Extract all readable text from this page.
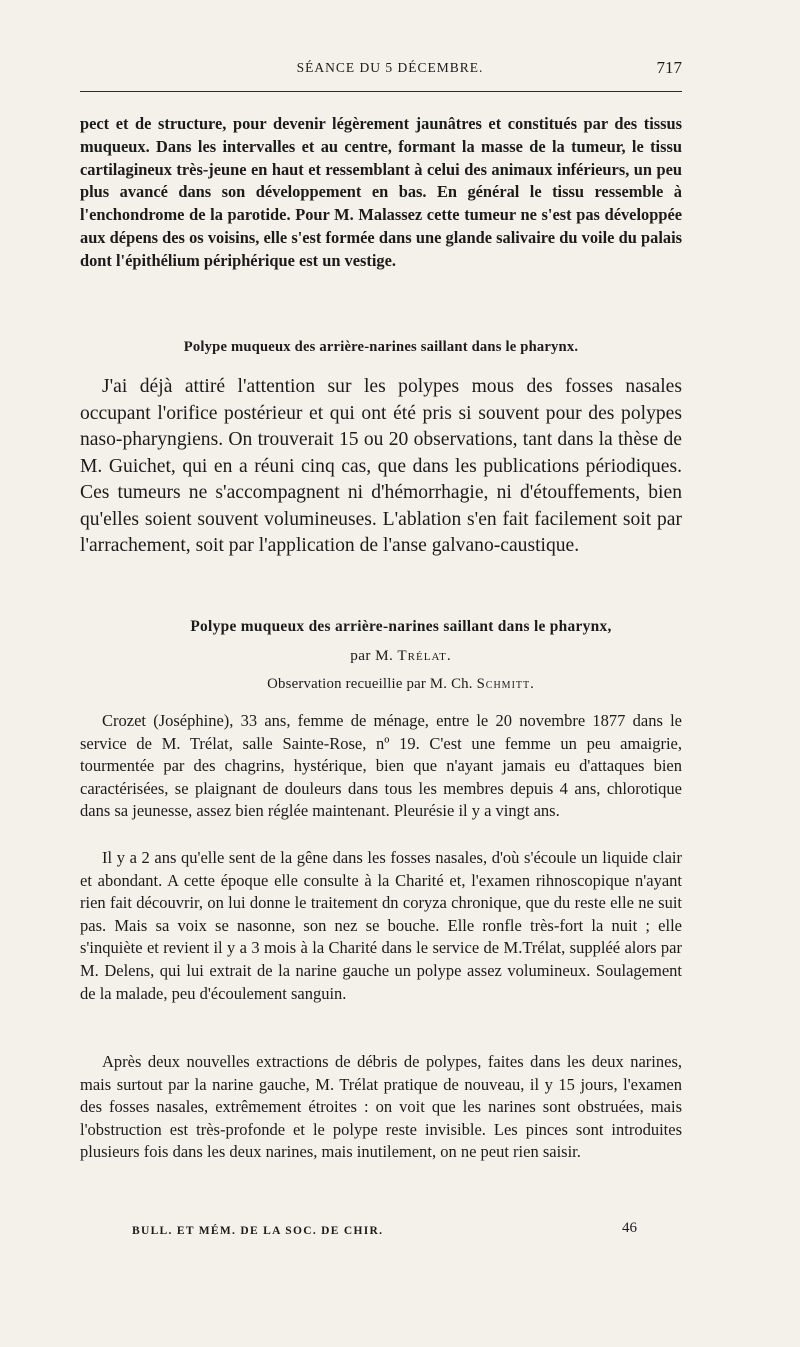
SÉANCE DU 5 DÉCEMBRE.	717

pect et de structure, pour devenir légèrement jaunâtres et constitués par des tissus muqueux. Dans les intervalles et au centre, formant la masse de la tumeur, le tissu cartilagineux très-jeune en haut et ressemblant à celui des animaux inférieurs, un peu plus avancé dans son développement en bas. En général le tissu ressemble à l'enchondrome de la parotide. Pour M. Malassez cette tumeur ne s'est pas développée aux dépens des os voisins, elle s'est formée dans une glande salivaire du voile du palais dont l'épithélium périphérique est un vestige.

Polype muqueux des arrière-narines saillant dans le pharynx.

J'ai déjà attiré l'attention sur les polypes mous des fosses nasales occupant l'orifice postérieur et qui ont été pris si souvent pour des polypes naso-pharyngiens. On trouverait 15 ou 20 observations, tant dans la thèse de M. Guichet, qui en a réuni cinq cas, que dans les publications périodiques. Ces tumeurs ne s'accompagnent ni d'hémorrhagie, ni d'étouffements, bien qu'elles soient souvent volumineuses. L'ablation s'en fait facilement soit par l'arrachement, soit par l'application de l'anse galvano-caustique.

Polype muqueux des arrière-narines saillant dans le pharynx,
par M. Trélat.
Observation recueillie par M. Ch. Schmitt.

Crozet (Joséphine), 33 ans, femme de ménage, entre le 20 novembre 1877 dans le service de M. Trélat, salle Sainte-Rose, nº 19. C'est une femme un peu amaigrie, tourmentée par des chagrins, hystérique, bien que n'ayant jamais eu d'attaques bien caractérisées, se plaignant de douleurs dans tous les membres depuis 4 ans, chlorotique dans sa jeunesse, assez bien réglée maintenant. Pleurésie il y a vingt ans.

Il y a 2 ans qu'elle sent de la gêne dans les fosses nasales, d'où s'écoule un liquide clair et abondant. A cette époque elle consulte à la Charité et, l'examen rihnoscopique n'ayant rien fait découvrir, on lui donne le traitement dn coryza chronique, que du reste elle ne suit pas. Mais sa voix se nasonne, son nez se bouche. Elle ronfle très-fort la nuit ; elle s'inquiète et revient il y a 3 mois à la Charité dans le service de M.Trélat, suppléé alors par M. Delens, qui lui extrait de la narine gauche un polype assez volumineux. Soulagement de la malade, peu d'écoulement sanguin.

Après deux nouvelles extractions de débris de polypes, faites dans les deux narines, mais surtout par la narine gauche, M. Trélat pratique de nouveau, il y 15 jours, l'examen des fosses nasales, extrêmement étroites : on voit que les narines sont obstruées, mais l'obstruction est très-profonde et le polype reste invisible. Les pinces sont introduites plusieurs fois dans les deux narines, mais inutilement, on ne peut rien saisir.

BULL. ET MÉM. DE LA SOC. DE CHIR.	46
